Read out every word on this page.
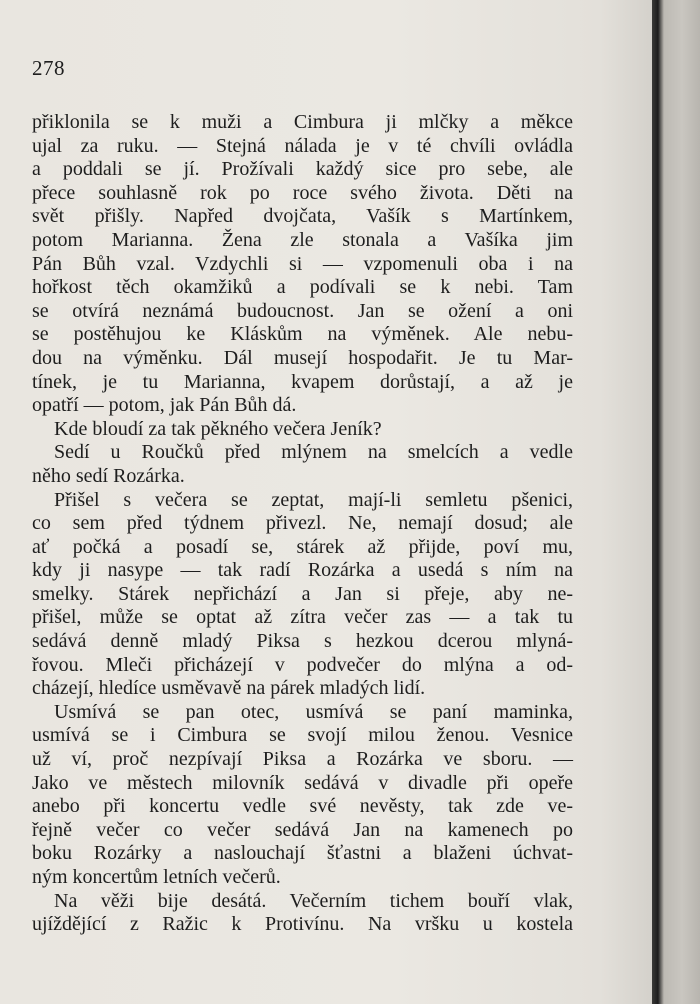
278
přiklonila se k muži a Cimbura ji mlčky a měkce
ujal za ruku. — Stejná nálada je v té chvíli ovládla
a poddali se jí. Prožívali každý sice pro sebe, ale
přece souhlasně rok po roce svého života. Děti na
svět přišly. Napřed dvojčata, Vašík s Martínkem,
potom Marianna. Žena zle stonala a Vašíka jim
Pán Bůh vzal. Vzdychli si — vzpomenuli oba i na
hořkost těch okamžiků a podívali se k nebi. Tam
se otvírá neznámá budoucnost. Jan se ožení a oni
se postěhujou ke Kláskům na výměnek. Ale nebu-
dou na výměnku. Dál musejí hospodařit. Je tu Mar-
tínek, je tu Marianna, kvapem dorůstají, a až je
opatří — potom, jak Pán Bůh dá.
Kde bloudí za tak pěkného večera Jeník?
Sedí u Roučků před mlýnem na smelcích a vedle
něho sedí Rozárka.
Přišel s večera se zeptat, mají-li semletu pšenici,
co sem před týdnem přivezl. Ne, nemají dosud; ale
ať počká a posadí se, stárek až přijde, poví mu,
kdy ji nasype — tak radí Rozárka a usedá s ním na
smelky. Stárek nepřichází a Jan si přeje, aby ne-
přišel, může se optat až zítra večer zas — a tak tu
sedává denně mladý Piksa s hezkou dcerou mlyná-
řovou. Mleči přicházejí v podvečer do mlýna a od-
cházejí, hledíce usměvavě na párek mladých lidí.
Usmívá se pan otec, usmívá se paní maminka,
usmívá se i Cimbura se svojí milou ženou. Vesnice
už ví, proč nezpívají Piksa a Rozárka ve sboru. —
Jako ve městech milovník sedává v divadle při opeře
anebo při koncertu vedle své nevěsty, tak zde ve-
řejně večer co večer sedává Jan na kamenech po
boku Rozárky a naslouchají šťastni a blaženi úchvat-
ným koncertům letních večerů.
Na věži bije desátá. Večerním tichem bouří vlak,
ujíždějící z Ražic k Protivínu. Na vršku u kostela
